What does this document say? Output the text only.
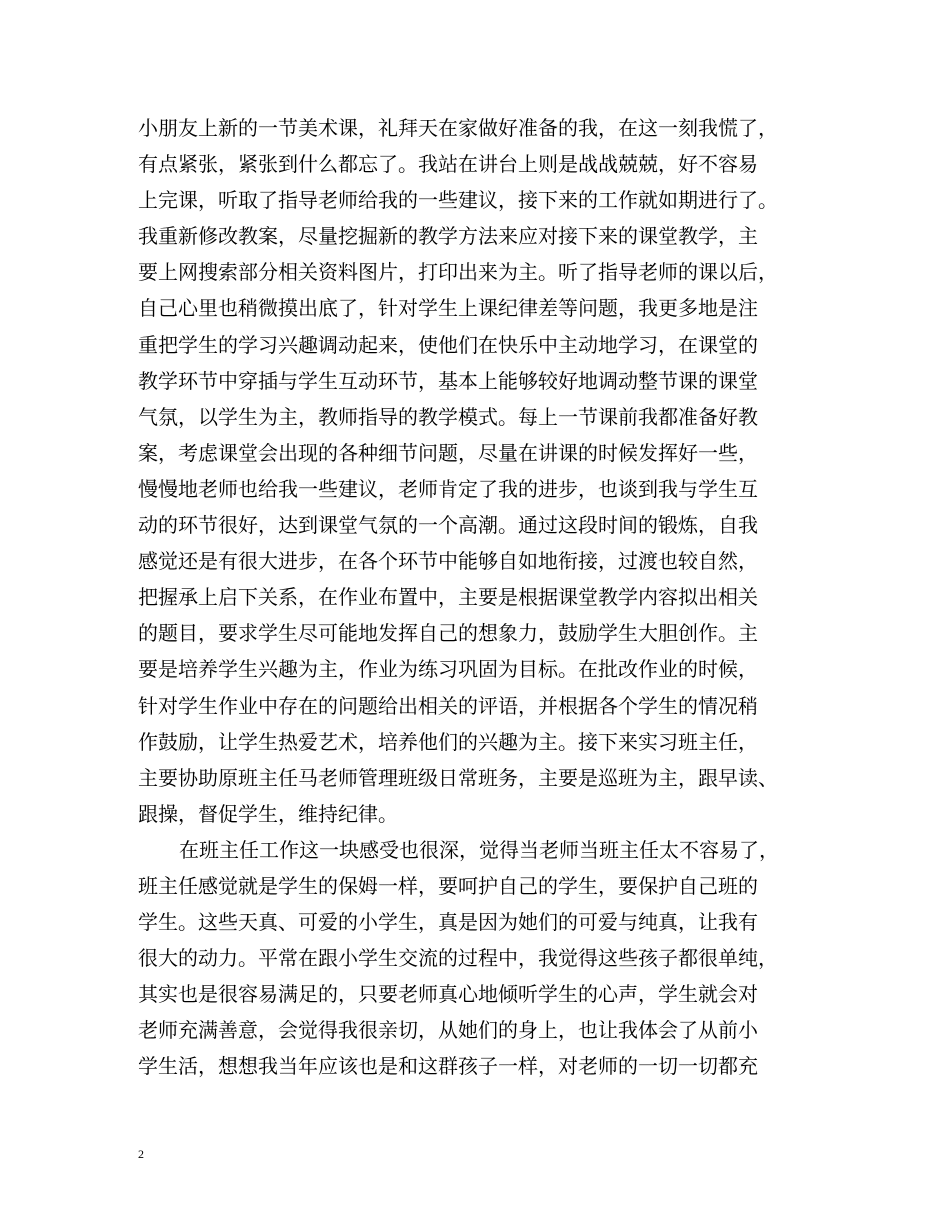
小朋友上新的一节美术课，礼拜天在家做好准备的我，在这一刻我慌了，
有点紧张，紧张到什么都忘了。我站在讲台上则是战战兢兢，好不容易
上完课，听取了指导老师给我的一些建议，接下来的工作就如期进行了。
我重新修改教案，尽量挖掘新的教学方法来应对接下来的课堂教学，主
要上网搜索部分相关资料图片，打印出来为主。听了指导老师的课以后，
自己心里也稍微摸出底了，针对学生上课纪律差等问题，我更多地是注
重把学生的学习兴趣调动起来，使他们在快乐中主动地学习，在课堂的
教学环节中穿插与学生互动环节，基本上能够较好地调动整节课的课堂
气氛，以学生为主，教师指导的教学模式。每上一节课前我都准备好教
案，考虑课堂会出现的各种细节问题，尽量在讲课的时候发挥好一些，
慢慢地老师也给我一些建议，老师肯定了我的进步，也谈到我与学生互
动的环节很好，达到课堂气氛的一个高潮。通过这段时间的锻炼，自我
感觉还是有很大进步，在各个环节中能够自如地衔接，过渡也较自然，
把握承上启下关系，在作业布置中，主要是根据课堂教学内容拟出相关
的题目，要求学生尽可能地发挥自己的想象力，鼓励学生大胆创作。主
要是培养学生兴趣为主，作业为练习巩固为目标。在批改作业的时候，
针对学生作业中存在的问题给出相关的评语，并根据各个学生的情况稍
作鼓励，让学生热爱艺术，培养他们的兴趣为主。接下来实习班主任，
主要协助原班主任马老师管理班级日常班务，主要是巡班为主，跟早读、
跟操，督促学生，维持纪律。
在班主任工作这一块感受也很深，觉得当老师当班主任太不容易了，
班主任感觉就是学生的保姆一样，要呵护自己的学生，要保护自己班的
学生。这些天真、可爱的小学生，真是因为她们的可爱与纯真，让我有
很大的动力。平常在跟小学生交流的过程中，我觉得这些孩子都很单纯，
其实也是很容易满足的，只要老师真心地倾听学生的心声，学生就会对
老师充满善意，会觉得我很亲切，从她们的身上，也让我体会了从前小
学生活，想想我当年应该也是和这群孩子一样，对老师的一切一切都充
2
